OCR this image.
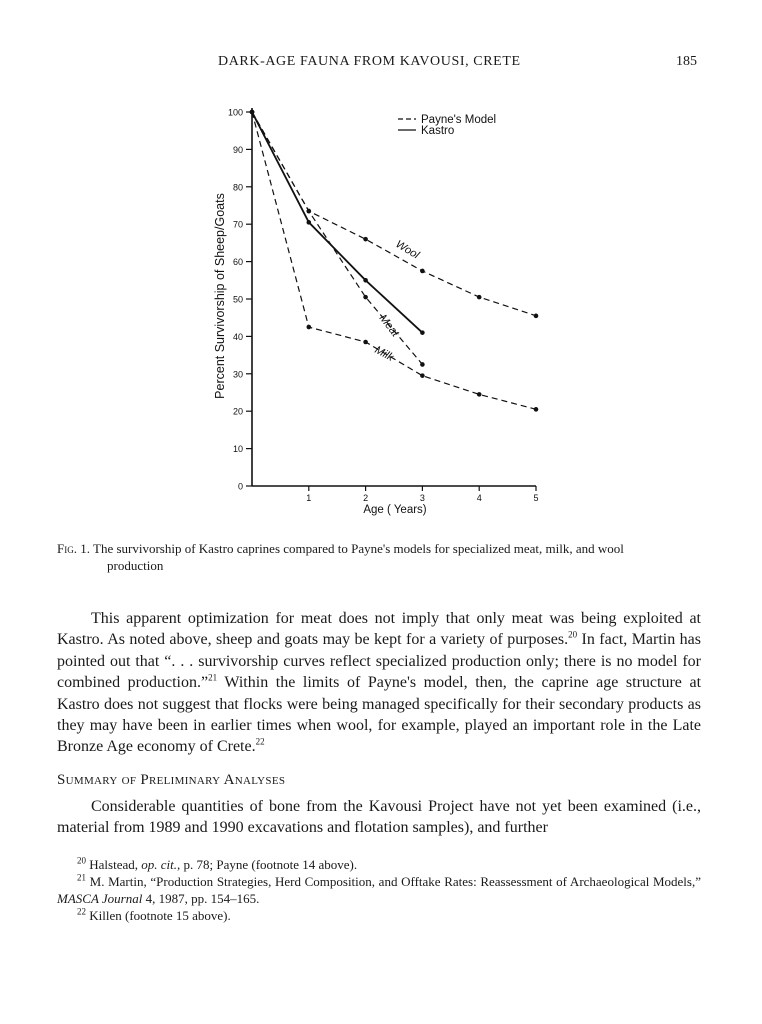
DARK-AGE FAUNA FROM KAVOUSI, CRETE	185
0
10
20
30
40
50
60
70
80
90
100
1	2	3	4	5
Percent Survivorship of Sheep/Goats
Age ( Years)
Payne's Model
Kastro
Wool
Meat
Milk
Fig. 1. The survivorship of Kastro caprines compared to Payne's models for specialized meat, milk, and wool
production

This apparent optimization for meat does not imply that only meat was being exploited at Kastro. As noted above, sheep and goats may be kept for a variety of purposes.$^{20}$ In fact, Martin has pointed out that “. . . survivorship curves reflect specialized production only; there is no model for combined production.”$^{21}$ Within the limits of Payne's model, then, the caprine age structure at Kastro does not suggest that flocks were being managed specifically for their secondary products as they may have been in earlier times when wool, for example, played an important role in the Late Bronze Age economy of Crete.$^{22}$

Summary of Preliminary Analyses

Considerable quantities of bone from the Kavousi Project have not yet been examined (i.e., material from 1989 and 1990 excavations and flotation samples), and further

$^{20}$ Halstead, op. cit., p. 78; Payne (footnote 14 above).

$^{21}$ M. Martin, “Production Strategies, Herd Composition, and Offtake Rates: Reassessment of Archaeological Models,” MASCA Journal 4, 1987, pp. 154–165.

$^{22}$ Killen (footnote 15 above).
